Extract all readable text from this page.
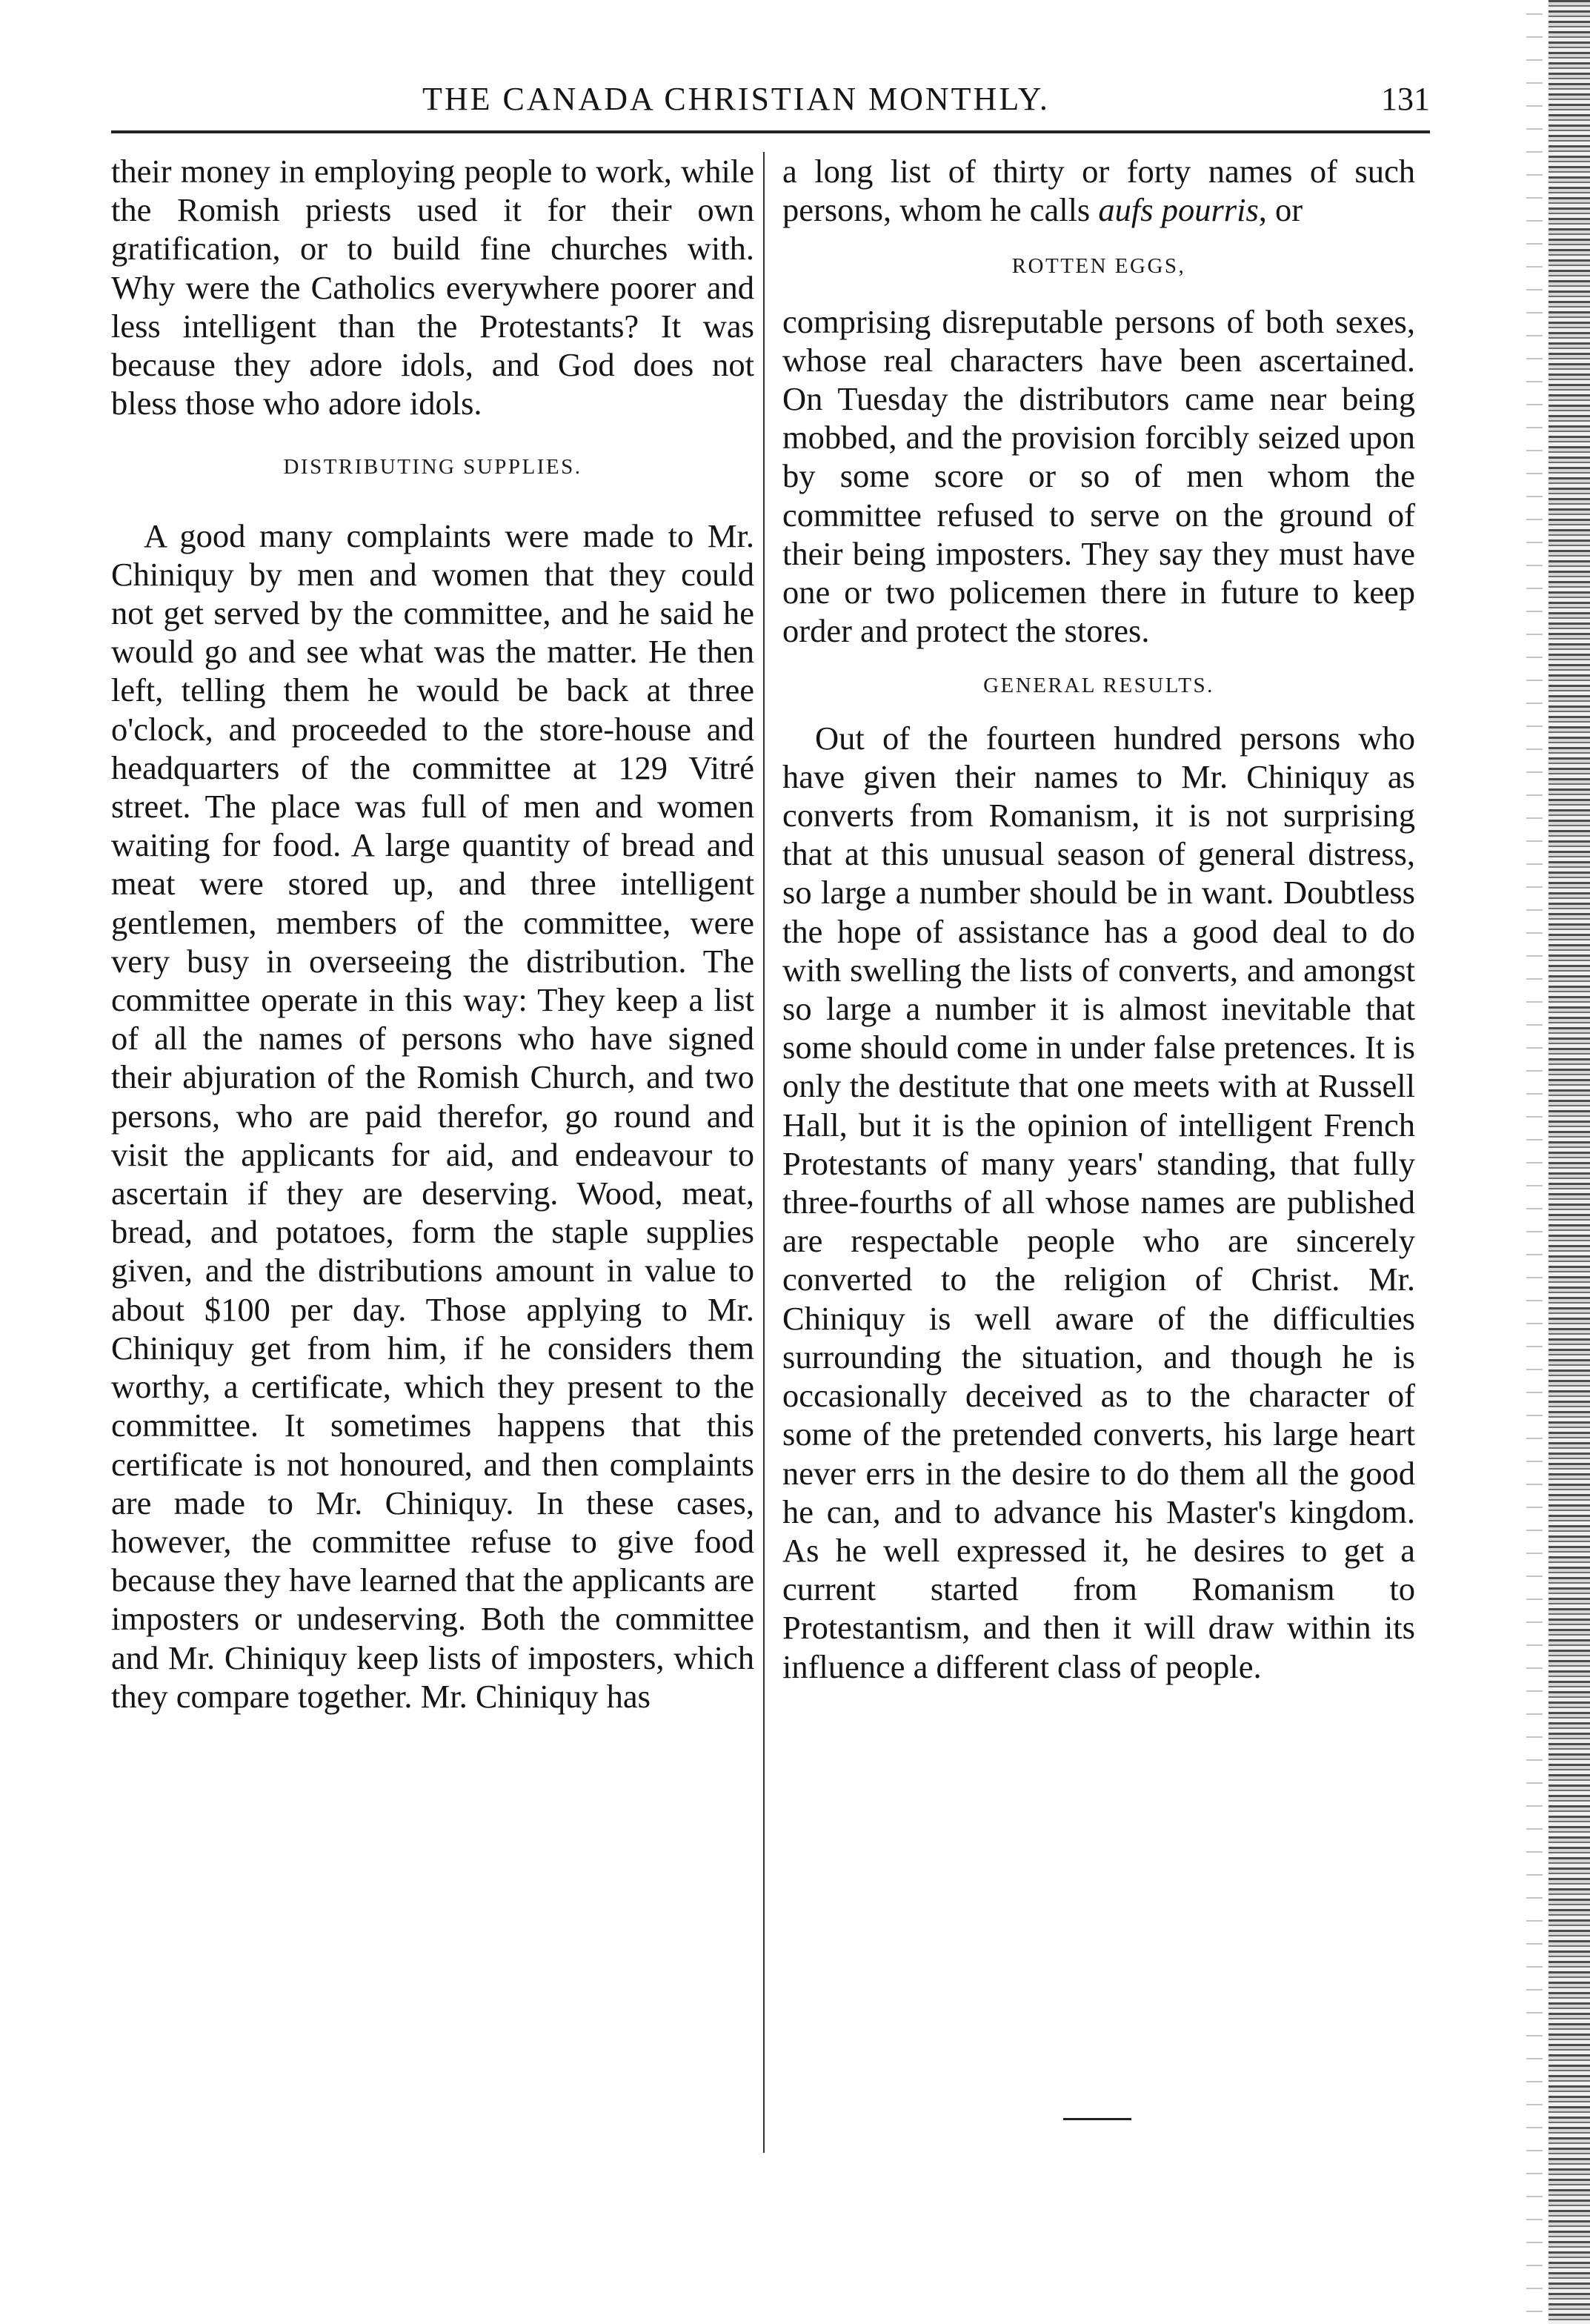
THE CANADA CHRISTIAN MONTHLY.	131

their money in employing people to work, while the Romish priests used it for their own gratification, or to build fine churches with. Why were the Catholics everywhere poorer and less intelligent than the Protestants? It was because they adore idols, and God does not bless those who adore idols.

DISTRIBUTING SUPPLIES.

A good many complaints were made to Mr. Chiniquy by men and women that they could not get served by the committee, and he said he would go and see what was the matter. He then left, telling them he would be back at three o'clock, and proceeded to the store-house and headquarters of the committee at 129 Vitré street. The place was full of men and women waiting for food. A large quantity of bread and meat were stored up, and three intelligent gentlemen, members of the committee, were very busy in overseeing the distribution. The committee operate in this way: They keep a list of all the names of persons who have signed their abjuration of the Romish Church, and two persons, who are paid therefor, go round and visit the applicants for aid, and endeavour to ascertain if they are deserving. Wood, meat, bread, and potatoes, form the staple supplies given, and the distributions amount in value to about $100 per day. Those applying to Mr. Chiniquy get from him, if he considers them worthy, a certificate, which they present to the committee. It sometimes happens that this certificate is not honoured, and then complaints are made to Mr. Chiniquy. In these cases, however, the committee refuse to give food because they have learned that the applicants are imposters or undeserving. Both the committee and Mr. Chiniquy keep lists of imposters, which they compare together. Mr. Chiniquy has

a long list of thirty or forty names of such persons, whom he calls aufs pourris, or

ROTTEN EGGS,

comprising disreputable persons of both sexes, whose real characters have been ascertained. On Tuesday the distributors came near being mobbed, and the provision forcibly seized upon by some score or so of men whom the committee refused to serve on the ground of their being imposters. They say they must have one or two policemen there in future to keep order and protect the stores.

GENERAL RESULTS.

Out of the fourteen hundred persons who have given their names to Mr. Chiniquy as converts from Romanism, it is not surprising that at this unusual season of general distress, so large a number should be in want. Doubtless the hope of assistance has a good deal to do with swelling the lists of converts, and amongst so large a number it is almost inevitable that some should come in under false pretences. It is only the destitute that one meets with at Russell Hall, but it is the opinion of intelligent French Protestants of many years' standing, that fully three-fourths of all whose names are published are respectable people who are sincerely converted to the religion of Christ. Mr. Chiniquy is well aware of the difficulties surrounding the situation, and though he is occasionally deceived as to the character of some of the pretended converts, his large heart never errs in the desire to do them all the good he can, and to advance his Master's kingdom. As he well expressed it, he desires to get a current started from Romanism to Protestantism, and then it will draw within its influence a different class of people.
